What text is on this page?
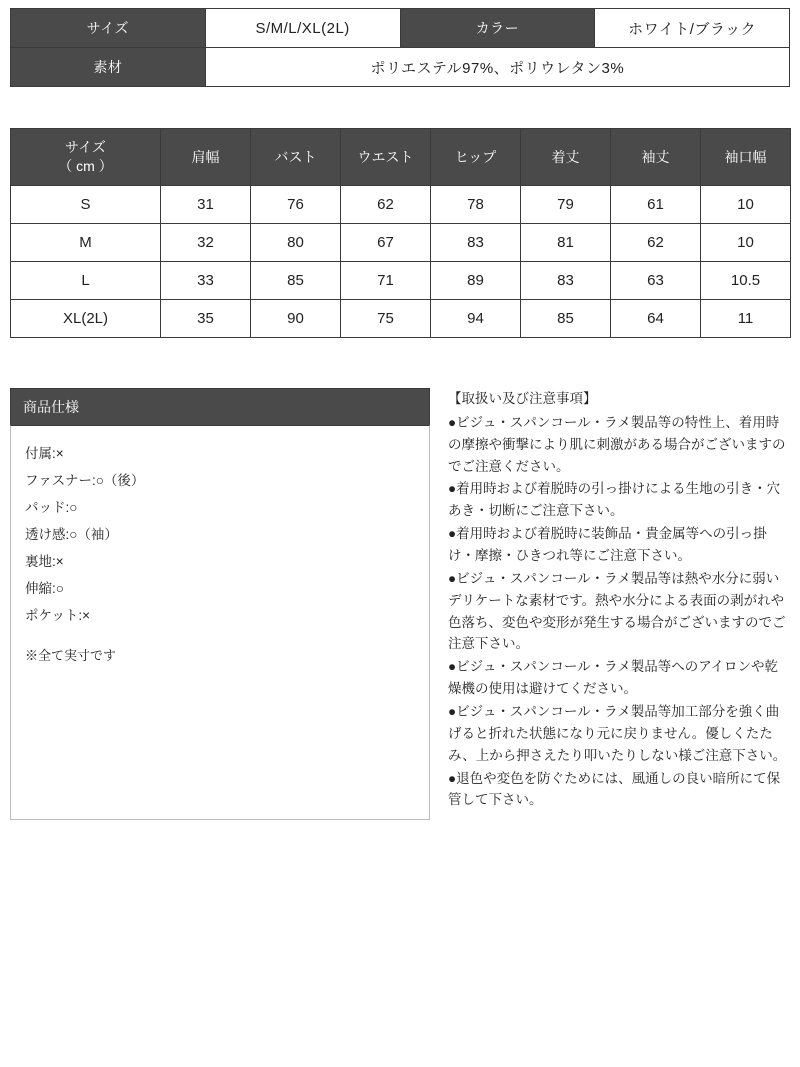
サイズ	S/M/L/XL(2L)	カラー	ホワイト/ブラック
素材	ポリエステル97%、ポリウレタン3%		
サイズ
（ cm ）	肩幅	バスト	ウエスト	ヒップ	着丈	袖丈	袖口幅
S	31	76	62	78	79	61	10
M	32	80	67	83	81	62	10
L	33	85	71	89	83	63	10.5
XL(2L)	35	90	75	94	85	64	11
商品仕様
付属:×
ファスナー:○（後）
パッド:○
透け感:○（袖）
裏地:×
伸縮:○
ポケット:×
※全て実寸です
【取扱い及び注意事項】

●ビジュ・スパンコール・ラメ製品等の特性上、着用時の摩擦や衝撃により肌に刺激がある場合がございますのでご注意ください。

●着用時および着脱時の引っ掛けによる生地の引き・穴あき・切断にご注意下さい。

●着用時および着脱時に装飾品・貴金属等への引っ掛け・摩擦・ひきつれ等にご注意下さい。

●ビジュ・スパンコール・ラメ製品等は熱や水分に弱いデリケートな素材です。熱や水分による表面の剥がれや色落ち、変色や変形が発生する場合がございますのでご注意下さい。

●ビジュ・スパンコール・ラメ製品等へのアイロンや乾燥機の使用は避けてください。

●ビジュ・スパンコール・ラメ製品等加工部分を強く曲げると折れた状態になり元に戻りません。優しくたたみ、上から押さえたり叩いたりしない様ご注意下さい。

●退色や変色を防ぐためには、風通しの良い暗所にて保管して下さい。
